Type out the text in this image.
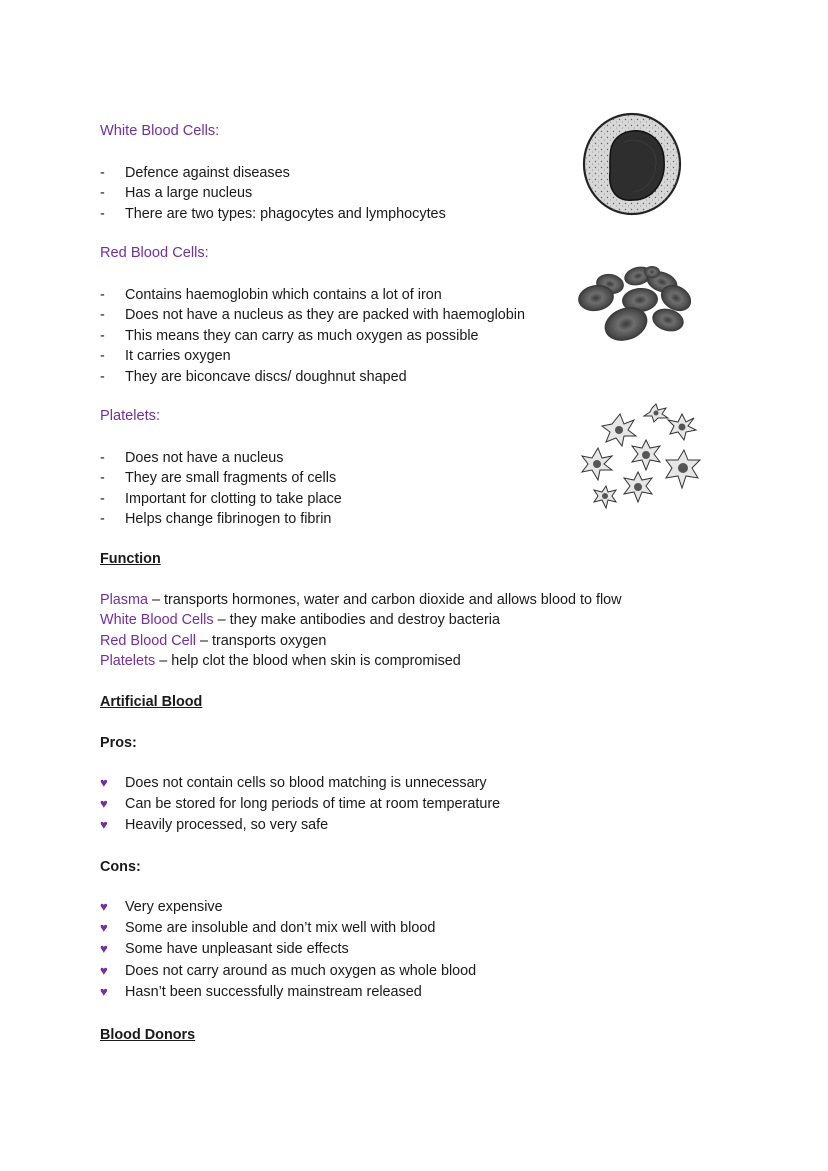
White Blood Cells:
- Defence against diseases
- Has a large nucleus
- There are two types: phagocytes and lymphocytes
Red Blood Cells:
- Contains haemoglobin which contains a lot of iron
- Does not have a nucleus as they are packed with haemoglobin
- This means they can carry as much oxygen as possible
- It carries oxygen
- They are biconcave discs/ doughnut shaped
Platelets:
- Does not have a nucleus
- They are small fragments of cells
- Important for clotting to take place
- Helps change fibrinogen to fibrin
Function
Plasma – transports hormones, water and carbon dioxide and allows blood to flow
White Blood Cells – they make antibodies and destroy bacteria
Red Blood Cell – transports oxygen
Platelets – help clot the blood when skin is compromised
Artificial Blood
Pros:
♥ Does not contain cells so blood matching is unnecessary
♥ Can be stored for long periods of time at room temperature
♥ Heavily processed, so very safe
Cons:
♥ Very expensive
♥ Some are insoluble and don’t mix well with blood
♥ Some have unpleasant side effects
♥ Does not carry around as much oxygen as whole blood
♥ Hasn’t been successfully mainstream released
Blood Donors
